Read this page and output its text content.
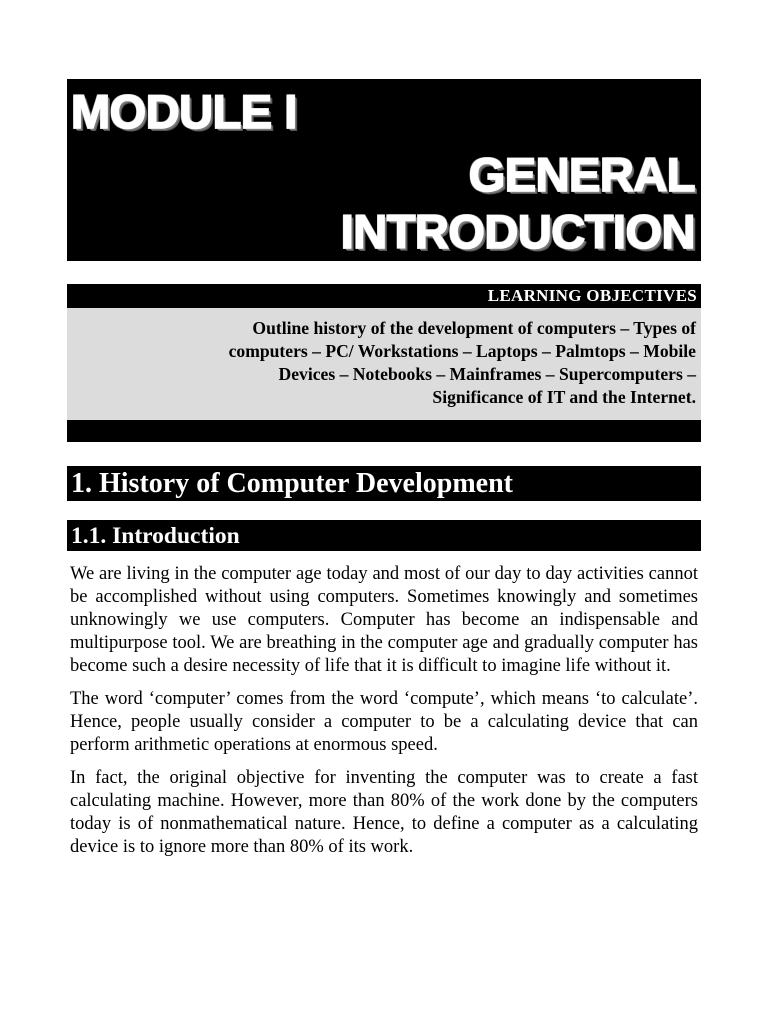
MODULE I
GENERAL
INTRODUCTION
LEARNING OBJECTIVES
Outline history of the development of computers – Types of
computers – PC/ Workstations – Laptops – Palmtops – Mobile
Devices – Notebooks – Mainframes – Supercomputers –
Significance of IT and the Internet.
1. History of Computer Development
1.1. Introduction

We are living in the computer age today and most of our day to day activities cannot be accomplished without using computers. Sometimes knowingly and sometimes unknowingly we use computers. Computer has become an indispensable and multipurpose tool. We are breathing in the computer age and gradually computer has become such a desire necessity of life that it is difficult to imagine life without it.

The word ‘computer’ comes from the word ‘compute’, which means ‘to calculate’. Hence, people usually consider a computer to be a calculating device that can perform arithmetic operations at enormous speed.

In fact, the original objective for inventing the computer was to create a fast calculating machine. However, more than 80% of the work done by the computers today is of nonmathematical nature. Hence, to define a computer as a calculating device is to ignore more than 80% of its work.
